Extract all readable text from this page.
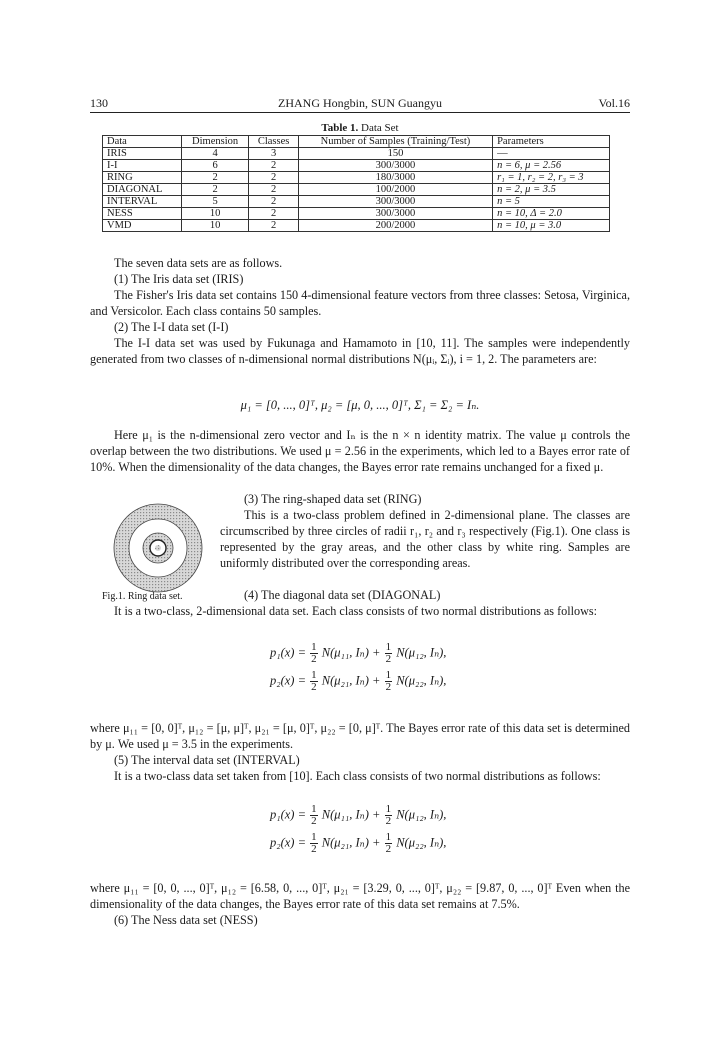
130	ZHANG Hongbin, SUN Guangyu	Vol.16
Table 1. Data Set
Data	Dimension	Classes	Number of Samples (Training/Test)	Parameters
IRIS	4	3	150	—
I-I	6	2	300/3000	n = 6, μ = 2.56
RING	2	2	180/3000	r₁ = 1, r₂ = 2, r₃ = 3
DIAGONAL	2	2	100/2000	n = 2, μ = 3.5
INTERVAL	5	2	300/3000	n = 5
NESS	10	2	300/3000	n = 10, Δ = 2.0
VMD	10	2	200/2000	n = 10, μ = 3.0

The seven data sets are as follows.

(1) The Iris data set (IRIS)

The Fisher's Iris data set contains 150 4-dimensional feature vectors from three classes: Setosa, Virginica, and Versicolor. Each class contains 50 samples.

(2) The I-I data set (I-I)

The I-I data set was used by Fukunaga and Hamamoto in [10, 11]. The samples were independently generated from two classes of n-dimensional normal distributions N(μᵢ, Σᵢ), i = 1, 2. The parameters are:

μ₁ = [0, ..., 0]ᵀ, μ₂ = [μ, 0, ..., 0]ᵀ, Σ₁ = Σ₂ = Iₙ.

Here μ₁ is the n-dimensional zero vector and Iₙ is the n × n identity matrix. The value μ controls the overlap between the two distributions. We used μ = 2.56 in the experiments, which led to a Bayes error rate of 10%. When the dimensionality of the data changes, the Bayes error rate remains unchanged for a fixed μ.

Fig.1. Ring data set.

(3) The ring-shaped data set (RING)

This is a two-class problem defined in 2-dimensional plane. The classes are circumscribed by three circles of radii r₁, r₂ and r₃ respectively (Fig.1). One class is represented by the gray areas, and the other class by white ring. Samples are uniformly distributed over the corresponding areas.

(4) The diagonal data set (DIAGONAL)

It is a two-class, 2-dimensional data set. Each class consists of two normal distributions as follows:

$p_1(x) = \frac{1}{2} N(\mu_{11}$, $I_n) + \frac{1}{2} N(\mu_{12}$, Iₙ),
$p_2(x) = \frac{1}{2} N(\mu_{21}$, $I_n) + \frac{1}{2} N(\mu_{22}$, Iₙ),

where μ₁₁ = [0, 0]ᵀ, μ₁₂ = [μ, μ]ᵀ, μ₂₁ = [μ, 0]ᵀ, μ₂₂ = [0, μ]ᵀ. The Bayes error rate of this data set is determined by μ. We used μ = 3.5 in the experiments.

(5) The interval data set (INTERVAL)

It is a two-class data set taken from [10]. Each class consists of two normal distributions as follows:

$p_1(x) = \frac{1}{2} N(\mu_{11}$, $I_n) + \frac{1}{2} N(\mu_{12}$, Iₙ),
$p_2(x) = \frac{1}{2} N(\mu_{21}$, $I_n) + \frac{1}{2} N(\mu_{22}$, Iₙ),

where μ₁₁ = [0, 0, ..., 0]ᵀ, μ₁₂ = [6.58, 0, ..., 0]ᵀ, μ₂₁ = [3.29, 0, ..., 0]ᵀ, μ₂₂ = [9.87, 0, ..., 0]ᵀ Even when the dimensionality of the data changes, the Bayes error rate of this data set remains at 7.5%.

(6) The Ness data set (NESS)
